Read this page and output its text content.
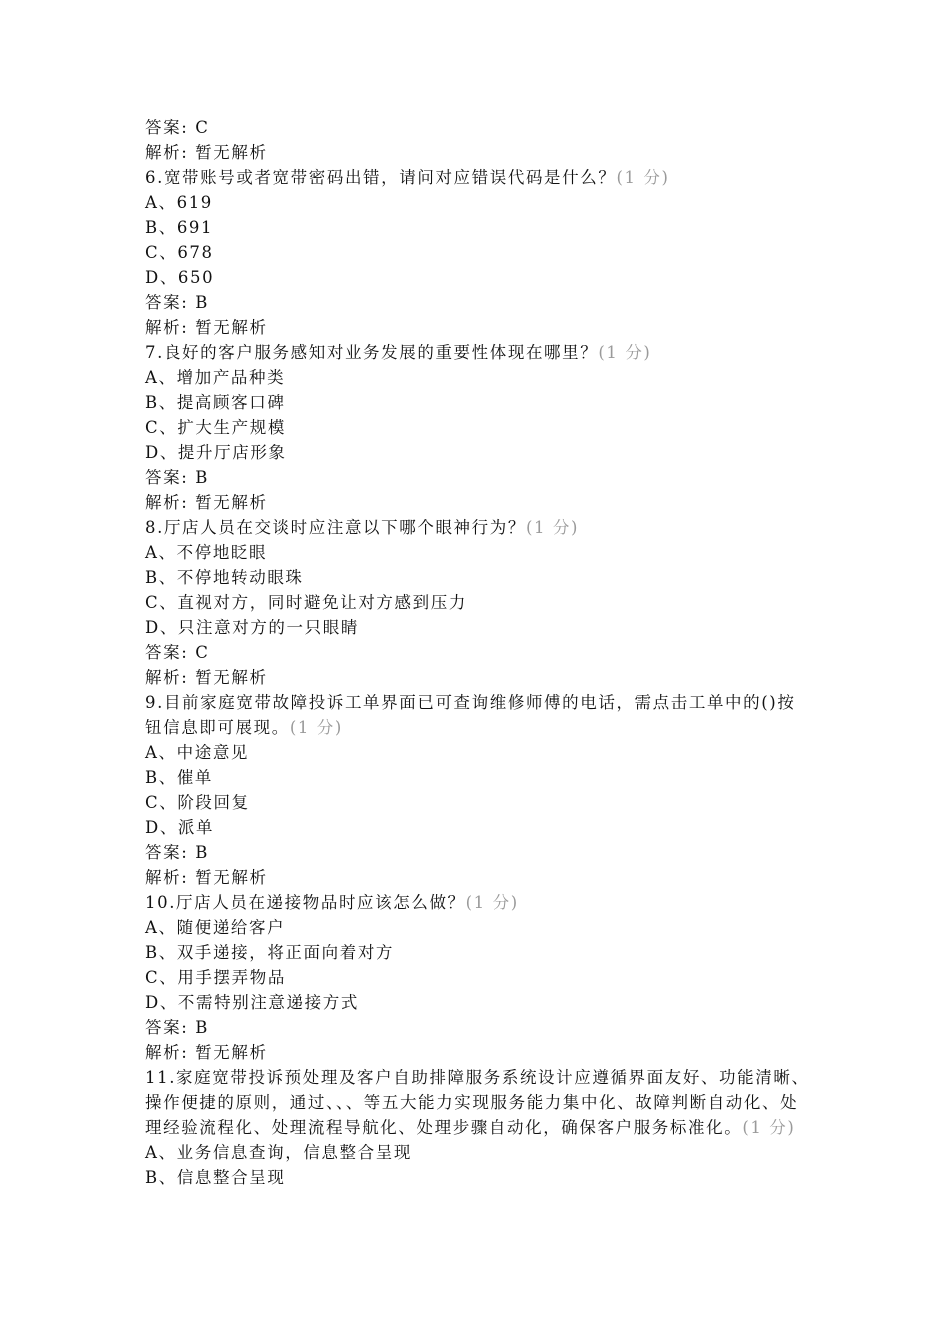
答案: C
解析: 暂无解析
6.宽带账号或者宽带密码出错，请问对应错误代码是什么？(1 分)
A、619
B、691
C、678
D、650
答案: B
解析: 暂无解析
7.良好的客户服务感知对业务发展的重要性体现在哪里？(1 分)
A、增加产品种类
B、提高顾客口碑
C、扩大生产规模
D、提升厅店形象
答案: B
解析: 暂无解析
8.厅店人员在交谈时应注意以下哪个眼神行为？(1 分)
A、不停地眨眼
B、不停地转动眼珠
C、直视对方，同时避免让对方感到压力
D、只注意对方的一只眼睛
答案: C
解析: 暂无解析
9.目前家庭宽带故障投诉工单界面已可查询维修师傅的电话，需点击工单中的()按钮信息即可展现。(1 分)
A、中途意见
B、催单
C、阶段回复
D、派单
答案: B
解析: 暂无解析
10.厅店人员在递接物品时应该怎么做？(1 分)
A、随便递给客户
B、双手递接，将正面向着对方
C、用手摆弄物品
D、不需特别注意递接方式
答案: B
解析: 暂无解析
11.家庭宽带投诉预处理及客户自助排障服务系统设计应遵循界面友好、功能清晰、操作便捷的原则，通过、、、等五大能力实现服务能力集中化、故障判断自动化、处理经验流程化、处理流程导航化、处理步骤自动化，确保客户服务标准化。(1 分)
A、业务信息查询，信息整合呈现
B、信息整合呈现
